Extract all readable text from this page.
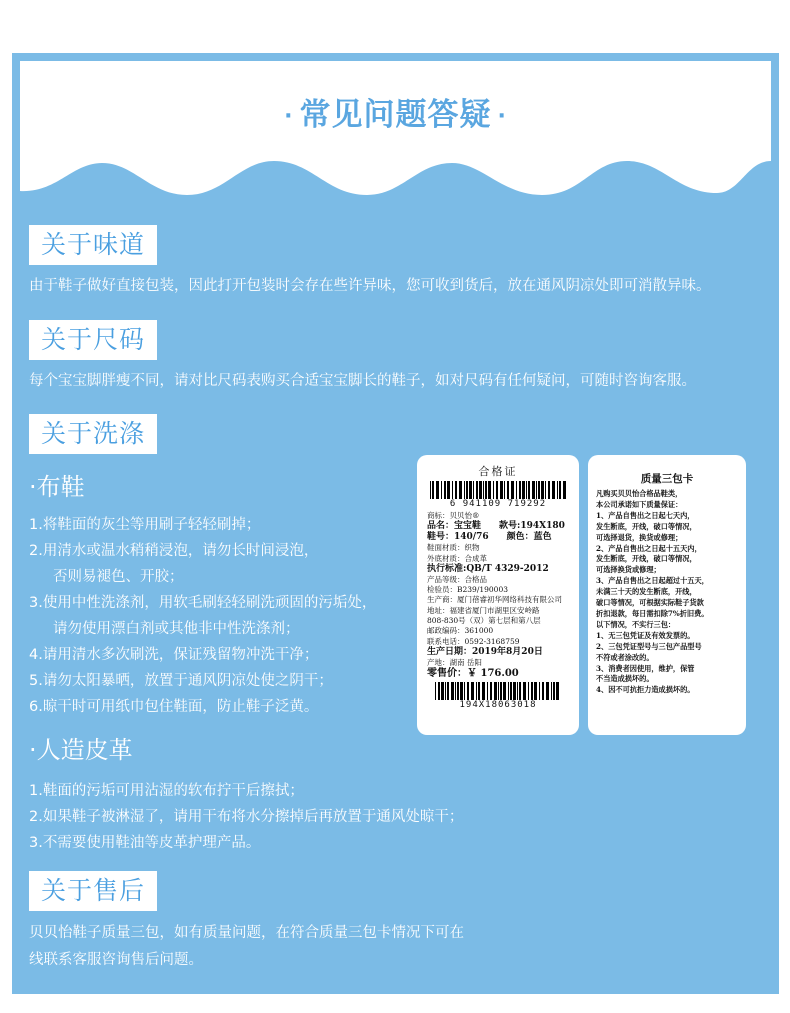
· 常见问题答疑 ·
关于味道
由于鞋子做好直接包装，因此打开包装时会存在些许异味，您可收到货后，放在通风阴凉处即可消散异味。
关于尺码
每个宝宝脚胖瘦不同，请对比尺码表购买合适宝宝脚长的鞋子，如对尺码有任何疑问，可随时咨询客服。
关于洗涤
·布鞋
1.将鞋面的灰尘等用刷子轻轻刷掉；
2.用清水或温水稍稍浸泡，请勿长时间浸泡，
否则易褪色、开胶；
3.使用中性洗涤剂，用软毛刷轻轻刷洗顽固的污垢处，
请勿使用漂白剂或其他非中性洗涤剂；
4.请用清水多次刷洗，保证残留物冲洗干净；
5.请勿太阳暴晒，放置于通风阴凉处使之阴干；
6.晾干时可用纸巾包住鞋面，防止鞋子泛黄。
·人造皮革
1.鞋面的污垢可用沾湿的软布拧干后擦拭；
2.如果鞋子被淋湿了，请用干布将水分擦掉后再放置于通风处晾干；
3.不需要使用鞋油等皮革护理产品。
关于售后
贝贝怡鞋子质量三包，如有质量问题，在符合质量三包卡情况下可在
线联系客服咨询售后问题。
合格证
6 941109 719292
商标：贝贝怡®
品名：宝宝鞋　　款号:194X180
鞋号：140/76　　颜色：蓝色
鞋面材质：织物
外底材质：合成革
执行标准:QB/T 4329-2012
产品等级：合格品
检验员：B239/190003
生产商：厦门蓓睿初华网络科技有限公司
地址：福建省厦门市湖里区安岭路
808-830号（双）第七层和第八层
邮政编码：361000
联系电话：0592-3168759
生产日期：2019年8月20日
产地：湖南 岳阳
零售价：￥ 176.00
194X18063018
质量三包卡
凡购买贝贝怡合格品鞋类，
本公司承诺如下质量保证：
1、产品自售出之日起七天内，
发生断底，开线，破口等情况，
可选择退货，换货或修理；
2、产品自售出之日起十五天内，
发生断底，开线，破口等情况，
可选择换货或修理；
3、产品自售出之日起超过十五天，
未满三十天的发生断底，开线，
破口等情况，可根据实际鞋子货款
折扣退款，每日需扣除7%折旧费。
以下情况，不实行三包：
1、无三包凭证及有效发票的。
2、三包凭证型号与三包产品型号
不符或者涂改的。
3、消费者因使用，维护，保管
不当造成损坏的。
4、因不可抗拒力造成损坏的。
